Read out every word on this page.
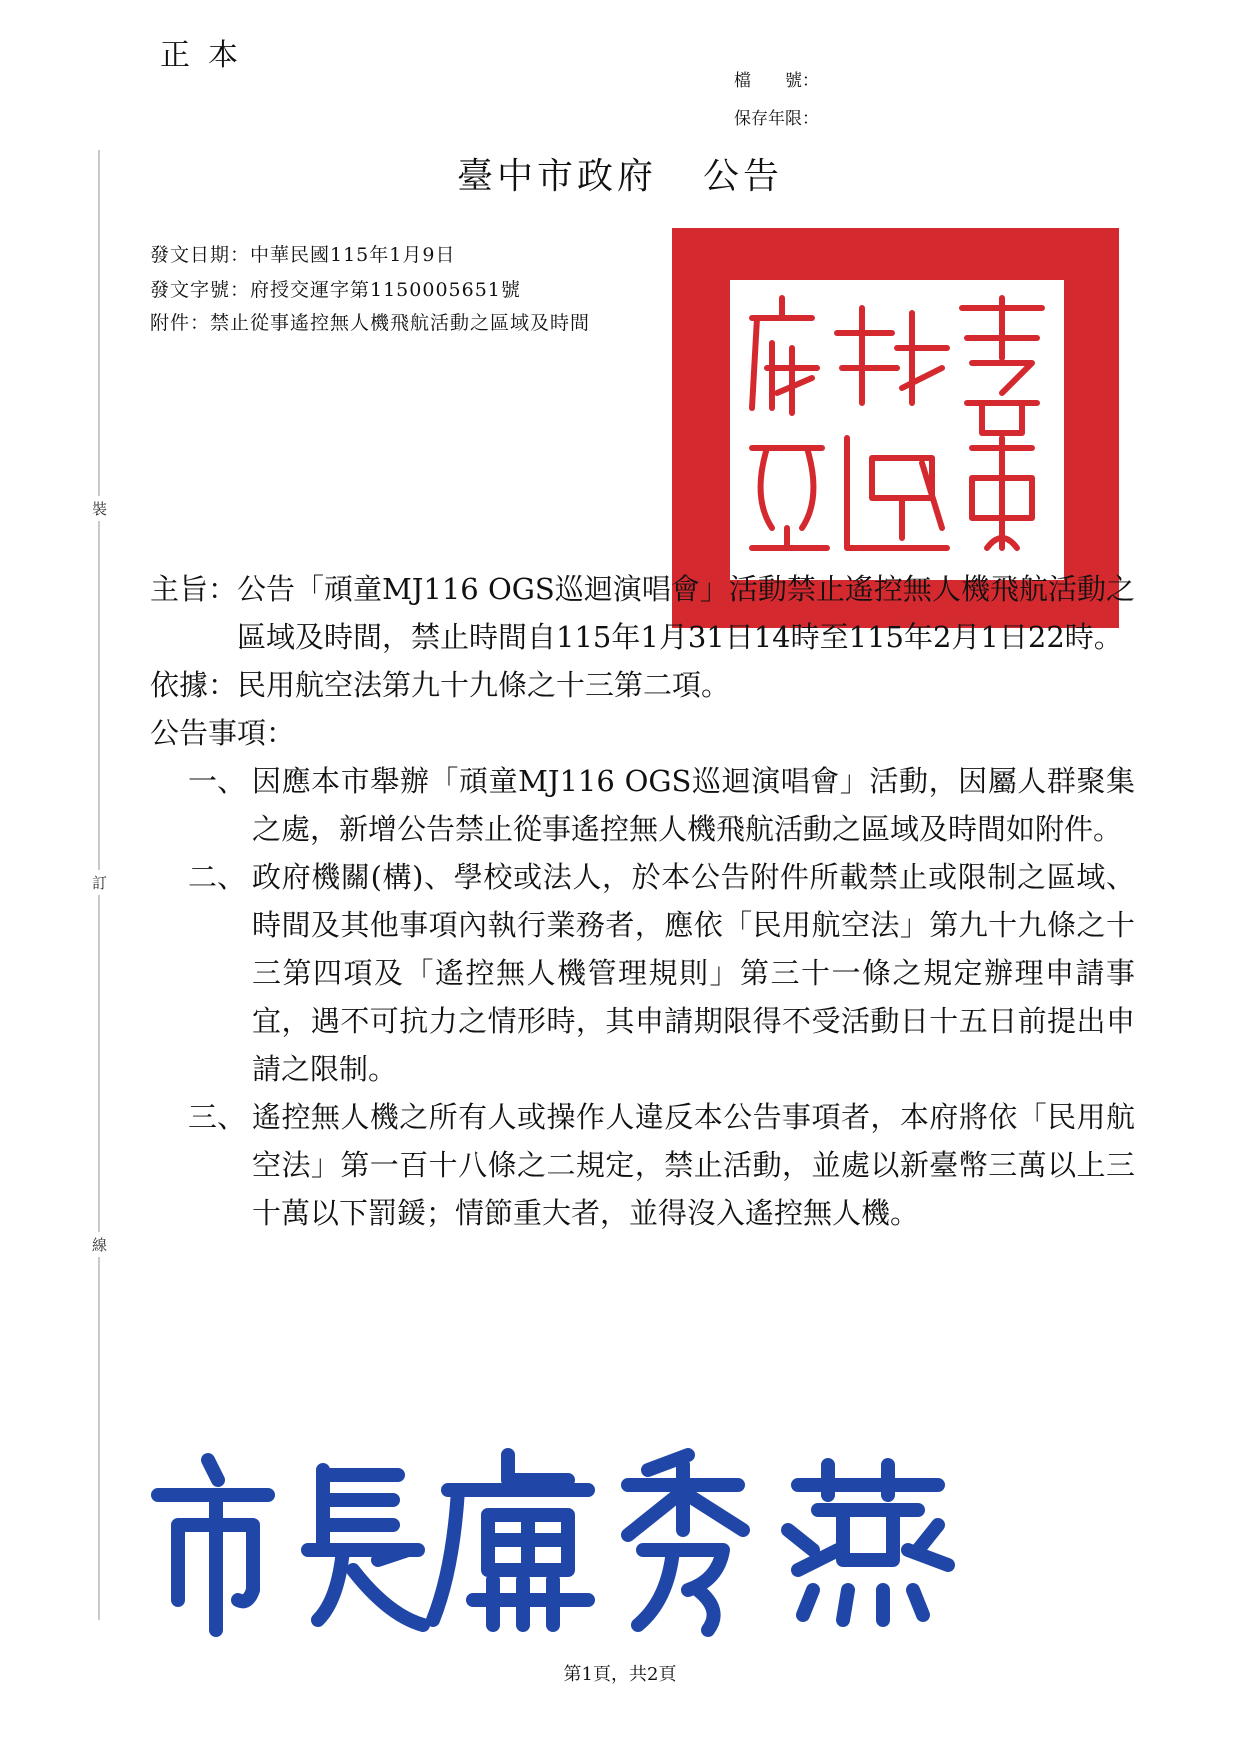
正本
檔　　號：
保存年限：
裝
訂
線
臺中市政府 公告
發文日期：中華民國115年1月9日
發文字號：府授交運字第1150005651號
附件：禁止從事遙控無人機飛航活動之區域及時間
主旨： 公告「頑童MJ116 OGS巡迴演唱會」活動禁止遙控無人機飛航活動之區域及時間，禁止時間自115年1月31日14時至115年2月1日22時。
依據： 民用航空法第九十九條之十三第二項。
公告事項：
一、 因應本市舉辦「頑童MJ116 OGS巡迴演唱會」活動，因屬人群聚集之處，新增公告禁止從事遙控無人機飛航活動之區域及時間如附件。
二、 政府機關(構)、學校或法人，於本公告附件所載禁止或限制之區域、時間及其他事項內執行業務者，應依「民用航空法」第九十九條之十三第四項及「遙控無人機管理規則」第三十一條之規定辦理申請事宜，遇不可抗力之情形時，其申請期限得不受活動日十五日前提出申請之限制。
三、 遙控無人機之所有人或操作人違反本公告事項者，本府將依「民用航空法」第一百十八條之二規定，禁止活動，並處以新臺幣三萬以上三十萬以下罰鍰；情節重大者，並得沒入遙控無人機。
第1頁，共2頁
